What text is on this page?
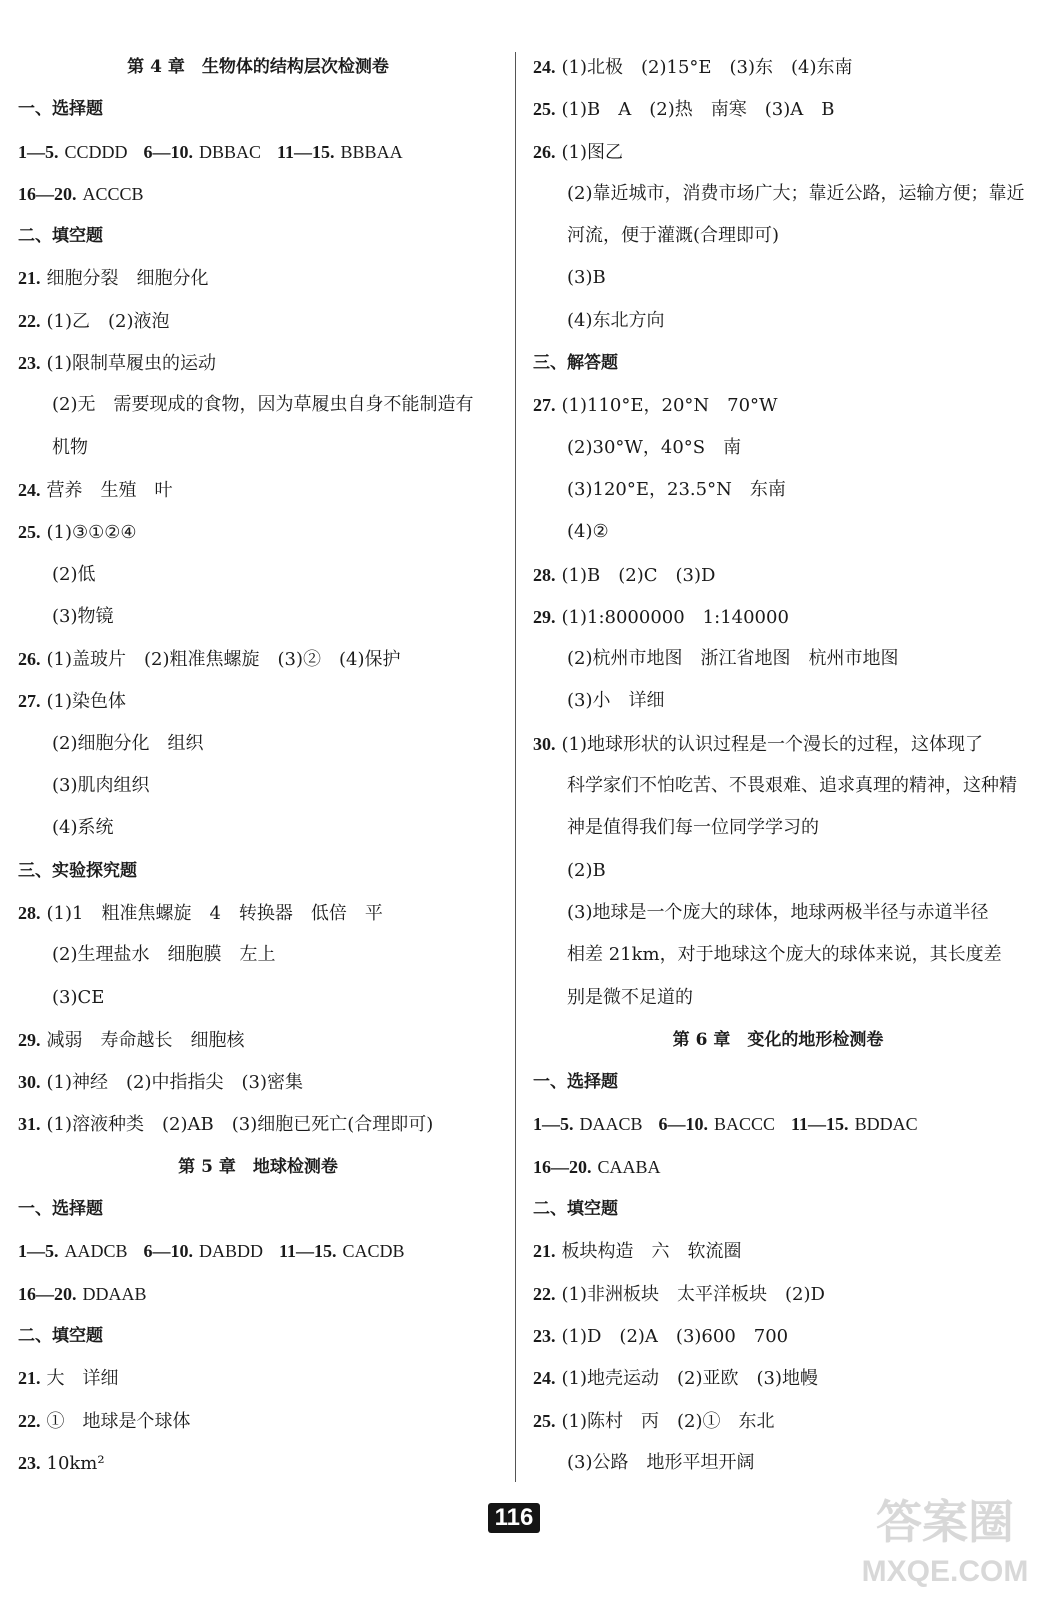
第 4 章　生物体的结构层次检测卷
一、选择题
1—5. CCDDD 6—10. DBBAC 11—15. BBBAA
16—20. ACCCB
二、填空题
21. 细胞分裂　细胞分化
22. (1)乙　(2)液泡
23. (1)限制草履虫的运动
(2)无　需要现成的食物，因为草履虫自身不能制造有
机物
24. 营养　生殖　叶
25. (1)③①②④
(2)低
(3)物镜
26. (1)盖玻片　(2)粗准焦螺旋　(3)②　(4)保护
27. (1)染色体
(2)细胞分化　组织
(3)肌肉组织
(4)系统
三、实验探究题
28. (1)1　粗准焦螺旋　4　转换器　低倍　平
(2)生理盐水　细胞膜　左上
(3)CE
29. 减弱　寿命越长　细胞核
30. (1)神经　(2)中指指尖　(3)密集
31. (1)溶液种类　(2)AB　(3)细胞已死亡(合理即可)
第 5 章　地球检测卷
一、选择题
1—5. AADCB 6—10. DABDD 11—15. CACDB
16—20. DDAAB
二、填空题
21. 大　详细
22. ①　地球是个球体
23. 10km²
24. (1)北极　(2)15°E　(3)东　(4)东南
25. (1)B　A　(2)热　南寒　(3)A　B
26. (1)图乙
(2)靠近城市，消费市场广大；靠近公路，运输方便；靠近
河流，便于灌溉(合理即可)
(3)B
(4)东北方向
三、解答题
27. (1)110°E，20°N　70°W
(2)30°W，40°S　南
(3)120°E，23.5°N　东南
(4)②
28. (1)B　(2)C　(3)D
29. (1)1:8000000　1:140000
(2)杭州市地图　浙江省地图　杭州市地图
(3)小　详细
30. (1)地球形状的认识过程是一个漫长的过程，这体现了
科学家们不怕吃苦、不畏艰难、追求真理的精神，这种精
神是值得我们每一位同学学习的
(2)B
(3)地球是一个庞大的球体，地球两极半径与赤道半径
相差 21km，对于地球这个庞大的球体来说，其长度差
别是微不足道的
第 6 章　变化的地形检测卷
一、选择题
1—5. DAACB 6—10. BACCC 11—15. BDDAC
16—20. CAABA
二、填空题
21. 板块构造　六　软流圈
22. (1)非洲板块　太平洋板块　(2)D
23. (1)D　(2)A　(3)600　700
24. (1)地壳运动　(2)亚欧　(3)地幔
25. (1)陈村　丙　(2)①　东北
(3)公路　地形平坦开阔
116	答案圈
MXQE.COM
